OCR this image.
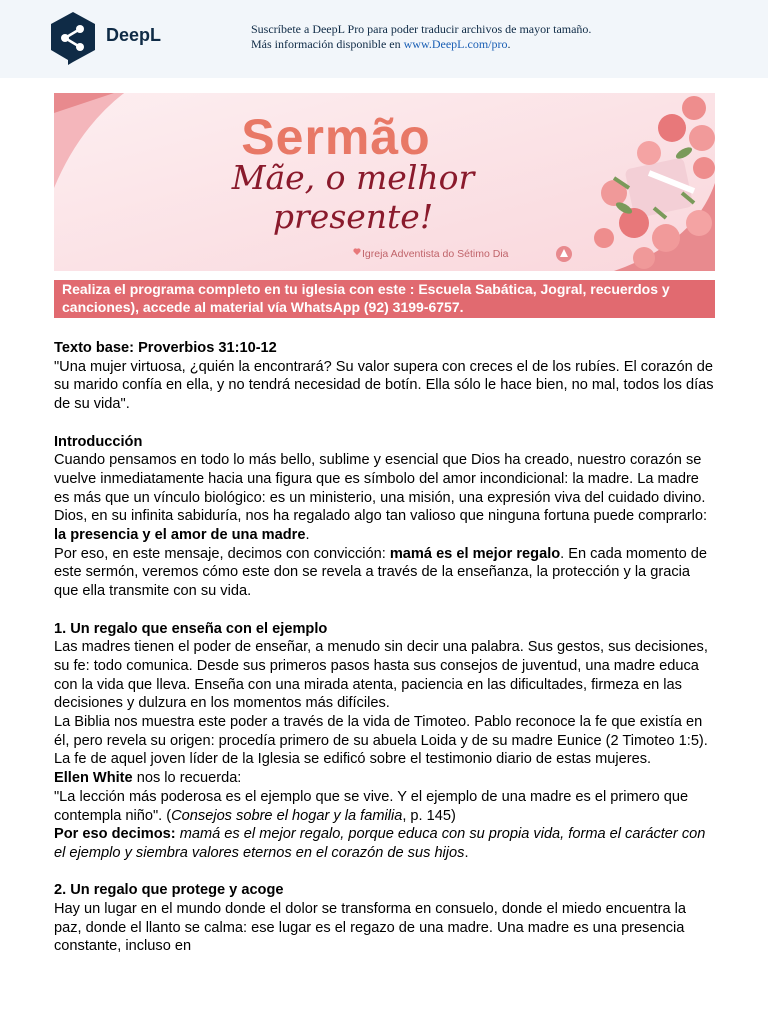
DeepL	Suscríbete a DeepL Pro para poder traducir archivos de mayor tamaño.
Más información disponible en www.DeepL.com/pro.
Sermão
Mãe, o melhor presente!
Igreja Adventista do Sétimo Dia
Realiza el programa completo en tu iglesia con este : Escuela Sabática, Jogral, recuerdos y canciones), accede al material vía WhatsApp (92) 3199-6757.

Texto base: Proverbios 31:10-12

"Una mujer virtuosa, ¿quién la encontrará? Su valor supera con creces el de los rubíes. El corazón de su marido confía en ella, y no tendrá necesidad de botín. Ella sólo le hace bien, no mal, todos los días de su vida".

Introducción

Cuando pensamos en todo lo más bello, sublime y esencial que Dios ha creado, nuestro corazón se vuelve inmediatamente hacia una figura que es símbolo del amor incondicional: la madre. La madre es más que un vínculo biológico: es un ministerio, una misión, una expresión viva del cuidado divino. Dios, en su infinita sabiduría, nos ha regalado algo tan valioso que ninguna fortuna puede comprarlo: la presencia y el amor de una madre.

Por eso, en este mensaje, decimos con convicción: mamá es el mejor regalo. En cada momento de este sermón, veremos cómo este don se revela a través de la enseñanza, la protección y la gracia que ella transmite con su vida.

1. Un regalo que enseña con el ejemplo

Las madres tienen el poder de enseñar, a menudo sin decir una palabra. Sus gestos, sus decisiones, su fe: todo comunica. Desde sus primeros pasos hasta sus consejos de juventud, una madre educa con la vida que lleva. Enseña con una mirada atenta, paciencia en las dificultades, firmeza en las decisiones y dulzura en los momentos más difíciles.

La Biblia nos muestra este poder a través de la vida de Timoteo. Pablo reconoce la fe que existía en él, pero revela su origen: procedía primero de su abuela Loida y de su madre Eunice (2 Timoteo 1:5). La fe de aquel joven líder de la Iglesia se edificó sobre el testimonio diario de estas mujeres.

Ellen White nos lo recuerda:

"La lección más poderosa es el ejemplo que se vive. Y el ejemplo de una madre es el primero que contempla niño". (Consejos sobre el hogar y la familia, p. 145)

Por eso decimos: mamá es el mejor regalo, porque educa con su propia vida, forma el carácter con el ejemplo y siembra valores eternos en el corazón de sus hijos.

2. Un regalo que protege y acoge

Hay un lugar en el mundo donde el dolor se transforma en consuelo, donde el miedo encuentra la paz, donde el llanto se calma: ese lugar es el regazo de una madre. Una madre es una presencia constante, incluso en
